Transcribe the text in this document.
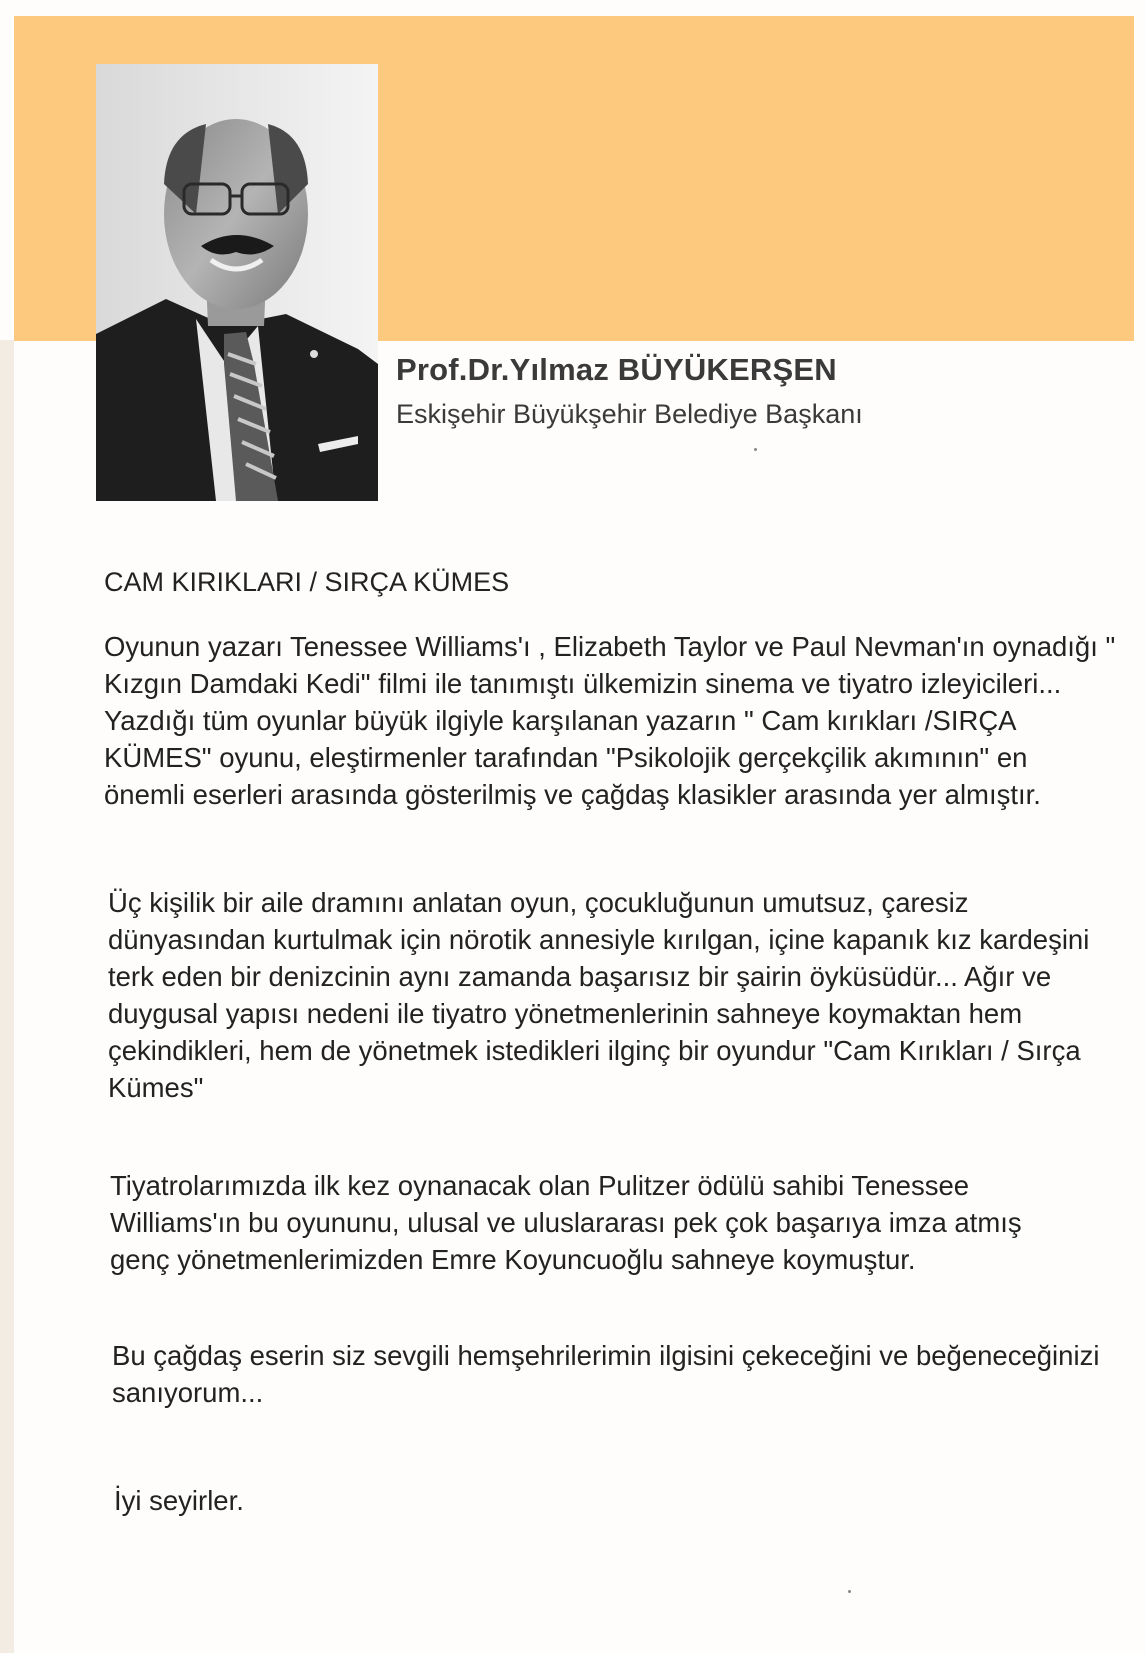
Prof.Dr.Yılmaz BÜYÜKERŞEN
Eskişehir Büyükşehir Belediye Başkanı
CAM KIRIKLARI / SIRÇA KÜMES
Oyunun yazarı Tenessee Williams'ı , Elizabeth Taylor ve Paul Nevman'ın oynadığı "
Kızgın Damdaki Kedi" filmi ile tanımıştı ülkemizin sinema ve tiyatro izleyicileri...
Yazdığı tüm oyunlar büyük ilgiyle karşılanan yazarın " Cam kırıkları /SIRÇA
KÜMES" oyunu, eleştirmenler tarafından "Psikolojik gerçekçilik akımının" en
önemli eserleri arasında gösterilmiş ve çağdaş klasikler arasında yer almıştır.
Üç kişilik bir aile dramını anlatan oyun, çocukluğunun umutsuz, çaresiz
dünyasından kurtulmak için nörotik annesiyle kırılgan, içine kapanık kız kardeşini
terk eden bir denizcinin aynı zamanda başarısız bir şairin öyküsüdür... Ağır ve
duygusal yapısı nedeni ile tiyatro yönetmenlerinin sahneye koymaktan hem
çekindikleri, hem de yönetmek istedikleri ilginç bir oyundur "Cam Kırıkları / Sırça
Kümes"
Tiyatrolarımızda ilk kez oynanacak olan Pulitzer ödülü sahibi Tenessee
Williams'ın bu oyununu, ulusal ve uluslararası pek çok başarıya imza atmış
genç yönetmenlerimizden Emre Koyuncuoğlu sahneye koymuştur.
Bu çağdaş eserin siz sevgili hemşehrilerimin ilgisini çekeceğini ve beğeneceğinizi
sanıyorum...
İyi seyirler.
